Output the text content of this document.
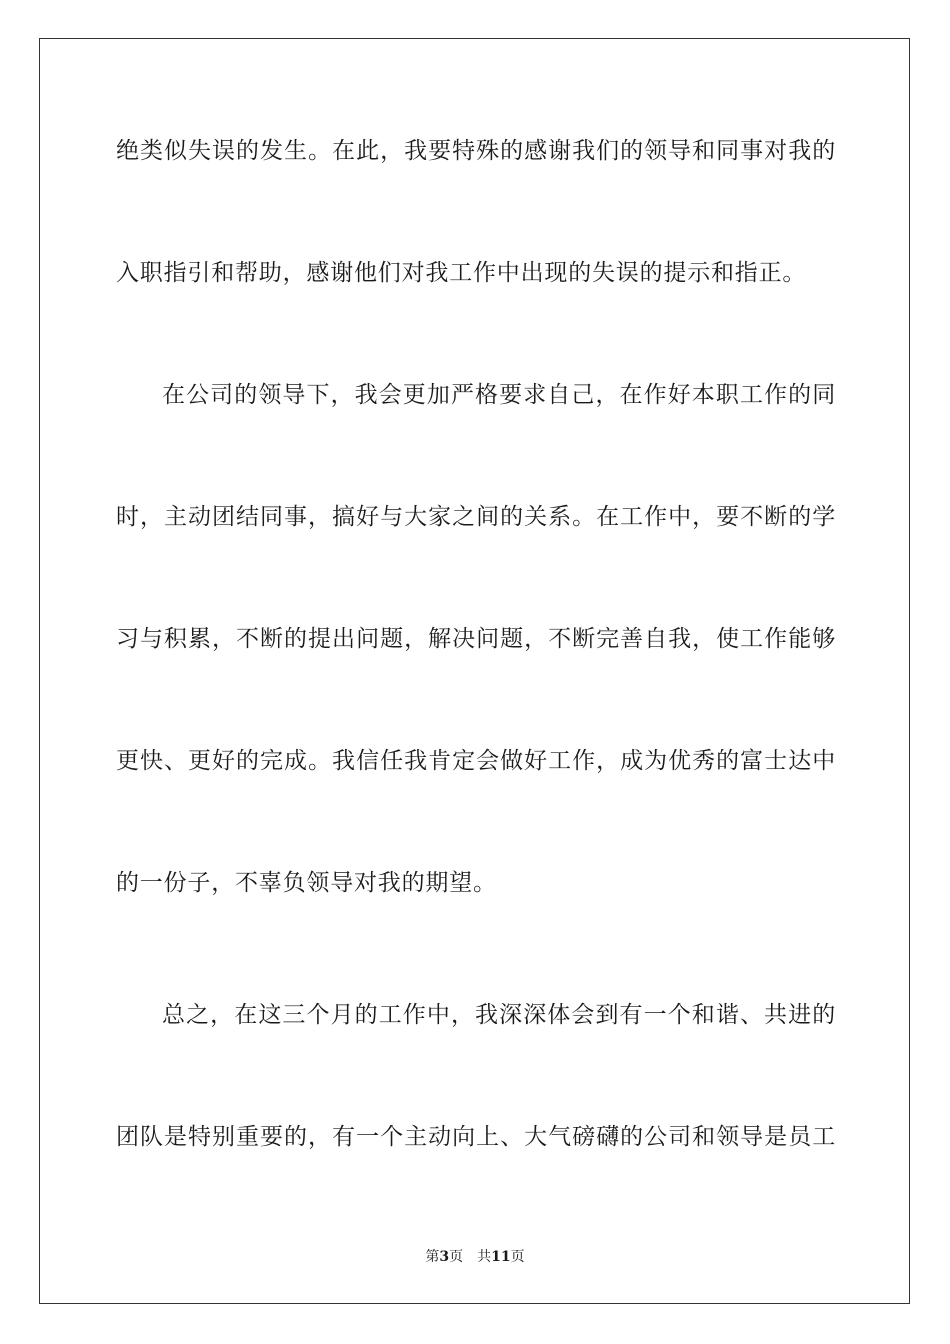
绝类似失误的发生。在此，我要特殊的感谢我们的领导和同事对我的
入职指引和帮助，感谢他们对我工作中出现的失误的提示和指正。
在公司的领导下，我会更加严格要求自己，在作好本职工作的同
时，主动团结同事，搞好与大家之间的关系。在工作中，要不断的学
习与积累，不断的提出问题，解决问题，不断完善自我，使工作能够
更快、更好的完成。我信任我肯定会做好工作，成为优秀的富士达中
的一份子，不辜负领导对我的期望。
总之，在这三个月的工作中，我深深体会到有一个和谐、共进的
团队是特别重要的，有一个主动向上、大气磅礴的公司和领导是员工
第3页 共11页
